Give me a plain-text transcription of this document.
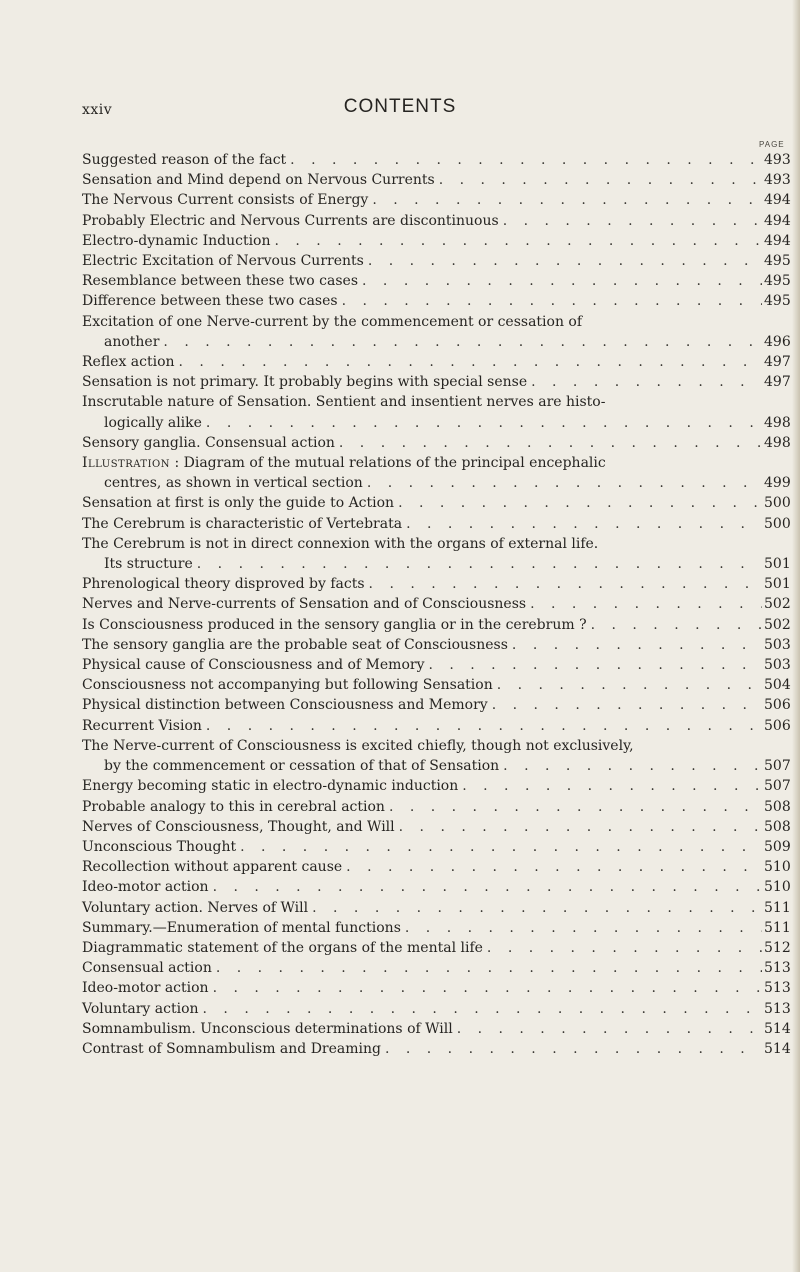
xxiv	CONTENTS
PAGE
Suggested reason of the fact . . .	493
Sensation and Mind depend on Nervous Currents . . .	493
The Nervous Current consists of Energy . . .	494
Probably Electric and Nervous Currents are discontinuous . . .	494
Electro-dynamic Induction . . .	494
Electric Excitation of Nervous Currents . . .	495
Resemblance between these two cases . . .	495
Difference between these two cases . . .	495
Excitation of one Nerve-current by the commencement or cessation of
another . . .	496
Reflex action . . .	497
Sensation is not primary. It probably begins with special sense . . .	497
Inscrutable nature of Sensation. Sentient and insentient nerves are histo-
logically alike . . .	498
Sensory ganglia. Consensual action . . .	498
Illustration : Diagram of the mutual relations of the principal encephalic
centres, as shown in vertical section . . .	499
Sensation at first is only the guide to Action . . .	500
The Cerebrum is characteristic of Vertebrata . . .	500
The Cerebrum is not in direct connexion with the organs of external life.
Its structure . . .	501
Phrenological theory disproved by facts . . .	501
Nerves and Nerve-currents of Sensation and of Consciousness . . .	502
Is Consciousness produced in the sensory ganglia or in the cerebrum ? . . .	502
The sensory ganglia are the probable seat of Consciousness . . .	503
Physical cause of Consciousness and of Memory . . .	503
Consciousness not accompanying but following Sensation . . .	504
Physical distinction between Consciousness and Memory . . .	506
Recurrent Vision . . .	506
The Nerve-current of Consciousness is excited chiefly, though not exclusively,
by the commencement or cessation of that of Sensation . . .	507
Energy becoming static in electro-dynamic induction . . .	507
Probable analogy to this in cerebral action . . .	508
Nerves of Consciousness, Thought, and Will . . .	508
Unconscious Thought . . .	509
Recollection without apparent cause . . .	510
Ideo-motor action . . .	510
Voluntary action. Nerves of Will . . .	511
Summary.—Enumeration of mental functions . . .	511
Diagrammatic statement of the organs of the mental life . . .	512
Consensual action . . .	513
Ideo-motor action . . .	513
Voluntary action . . .	513
Somnambulism. Unconscious determinations of Will . . .	514
Contrast of Somnambulism and Dreaming . . .	514
